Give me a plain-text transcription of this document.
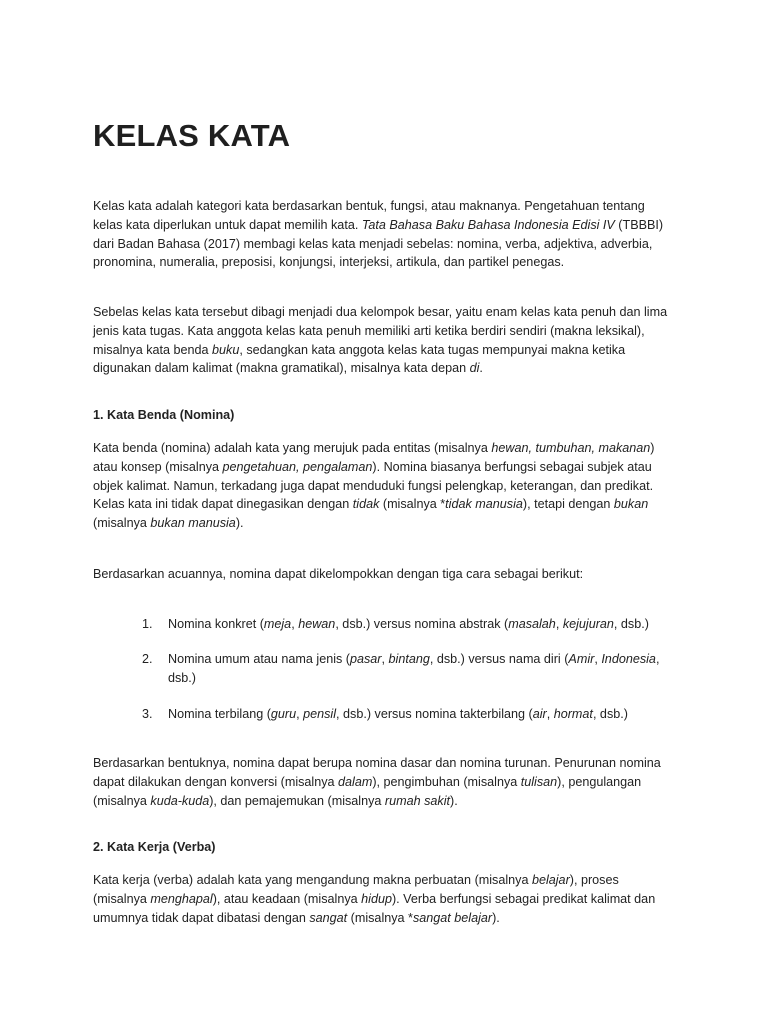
KELAS KATA

Kelas kata adalah kategori kata berdasarkan bentuk, fungsi, atau maknanya. Pengetahuan tentang kelas kata diperlukan untuk dapat memilih kata. Tata Bahasa Baku Bahasa Indonesia Edisi IV (TBBBI) dari Badan Bahasa (2017) membagi kelas kata menjadi sebelas: nomina, verba, adjektiva, adverbia, pronomina, numeralia, preposisi, konjungsi, interjeksi, artikula, dan partikel penegas.

Sebelas kelas kata tersebut dibagi menjadi dua kelompok besar, yaitu enam kelas kata penuh dan lima jenis kata tugas. Kata anggota kelas kata penuh memiliki arti ketika berdiri sendiri (makna leksikal), misalnya kata benda buku, sedangkan kata anggota kelas kata tugas mempunyai makna ketika digunakan dalam kalimat (makna gramatikal), misalnya kata depan di.

1. Kata Benda (Nomina)

Kata benda (nomina) adalah kata yang merujuk pada entitas (misalnya hewan, tumbuhan, makanan) atau konsep (misalnya pengetahuan, pengalaman). Nomina biasanya berfungsi sebagai subjek atau objek kalimat. Namun, terkadang juga dapat menduduki fungsi pelengkap, keterangan, dan predikat. Kelas kata ini tidak dapat dinegasikan dengan tidak (misalnya *tidak manusia), tetapi dengan bukan (misalnya bukan manusia).

Berdasarkan acuannya, nomina dapat dikelompokkan dengan tiga cara sebagai berikut:

1. Nomina konkret (meja, hewan, dsb.) versus nomina abstrak (masalah, kejujuran, dsb.)
2. Nomina umum atau nama jenis (pasar, bintang, dsb.) versus nama diri (Amir, Indonesia, dsb.)
3. Nomina terbilang (guru, pensil, dsb.) versus nomina takterbilang (air, hormat, dsb.)

Berdasarkan bentuknya, nomina dapat berupa nomina dasar dan nomina turunan. Penurunan nomina dapat dilakukan dengan konversi (misalnya dalam), pengimbuhan (misalnya tulisan), pengulangan (misalnya kuda-kuda), dan pemajemukan (misalnya rumah sakit).

2. Kata Kerja (Verba)

Kata kerja (verba) adalah kata yang mengandung makna perbuatan (misalnya belajar), proses (misalnya menghapal), atau keadaan (misalnya hidup). Verba berfungsi sebagai predikat kalimat dan umumnya tidak dapat dibatasi dengan sangat (misalnya *sangat belajar).
